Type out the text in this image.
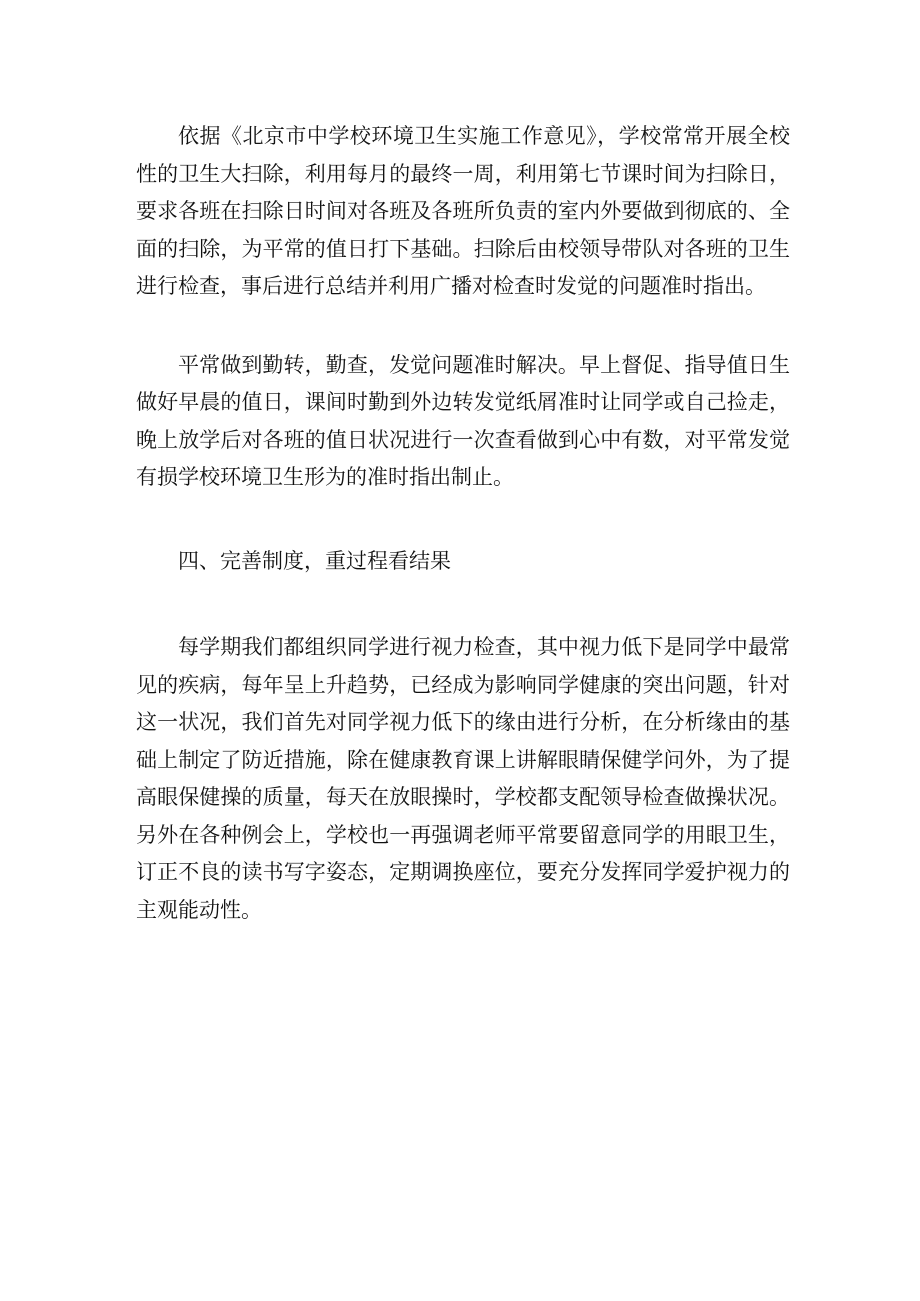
依据《北京市中学校环境卫生实施工作意见》，学校常常开展全校性的卫生大扫除，利用每月的最终一周，利用第七节课时间为扫除日，要求各班在扫除日时间对各班及各班所负责的室内外要做到彻底的、全面的扫除，为平常的值日打下基础。扫除后由校领导带队对各班的卫生进行检查，事后进行总结并利用广播对检查时发觉的问题准时指出。

平常做到勤转，勤查，发觉问题准时解决。早上督促、指导值日生做好早晨的值日，课间时勤到外边转发觉纸屑准时让同学或自己捡走，晚上放学后对各班的值日状况进行一次查看做到心中有数，对平常发觉有损学校环境卫生形为的准时指出制止。

四、完善制度，重过程看结果

每学期我们都组织同学进行视力检查，其中视力低下是同学中最常见的疾病，每年呈上升趋势，已经成为影响同学健康的突出问题，针对这一状况，我们首先对同学视力低下的缘由进行分析，在分析缘由的基础上制定了防近措施，除在健康教育课上讲解眼睛保健学问外，为了提高眼保健操的质量，每天在放眼操时，学校都支配领导检查做操状况。另外在各种例会上，学校也一再强调老师平常要留意同学的用眼卫生，订正不良的读书写字姿态，定期调换座位，要充分发挥同学爱护视力的主观能动性。
